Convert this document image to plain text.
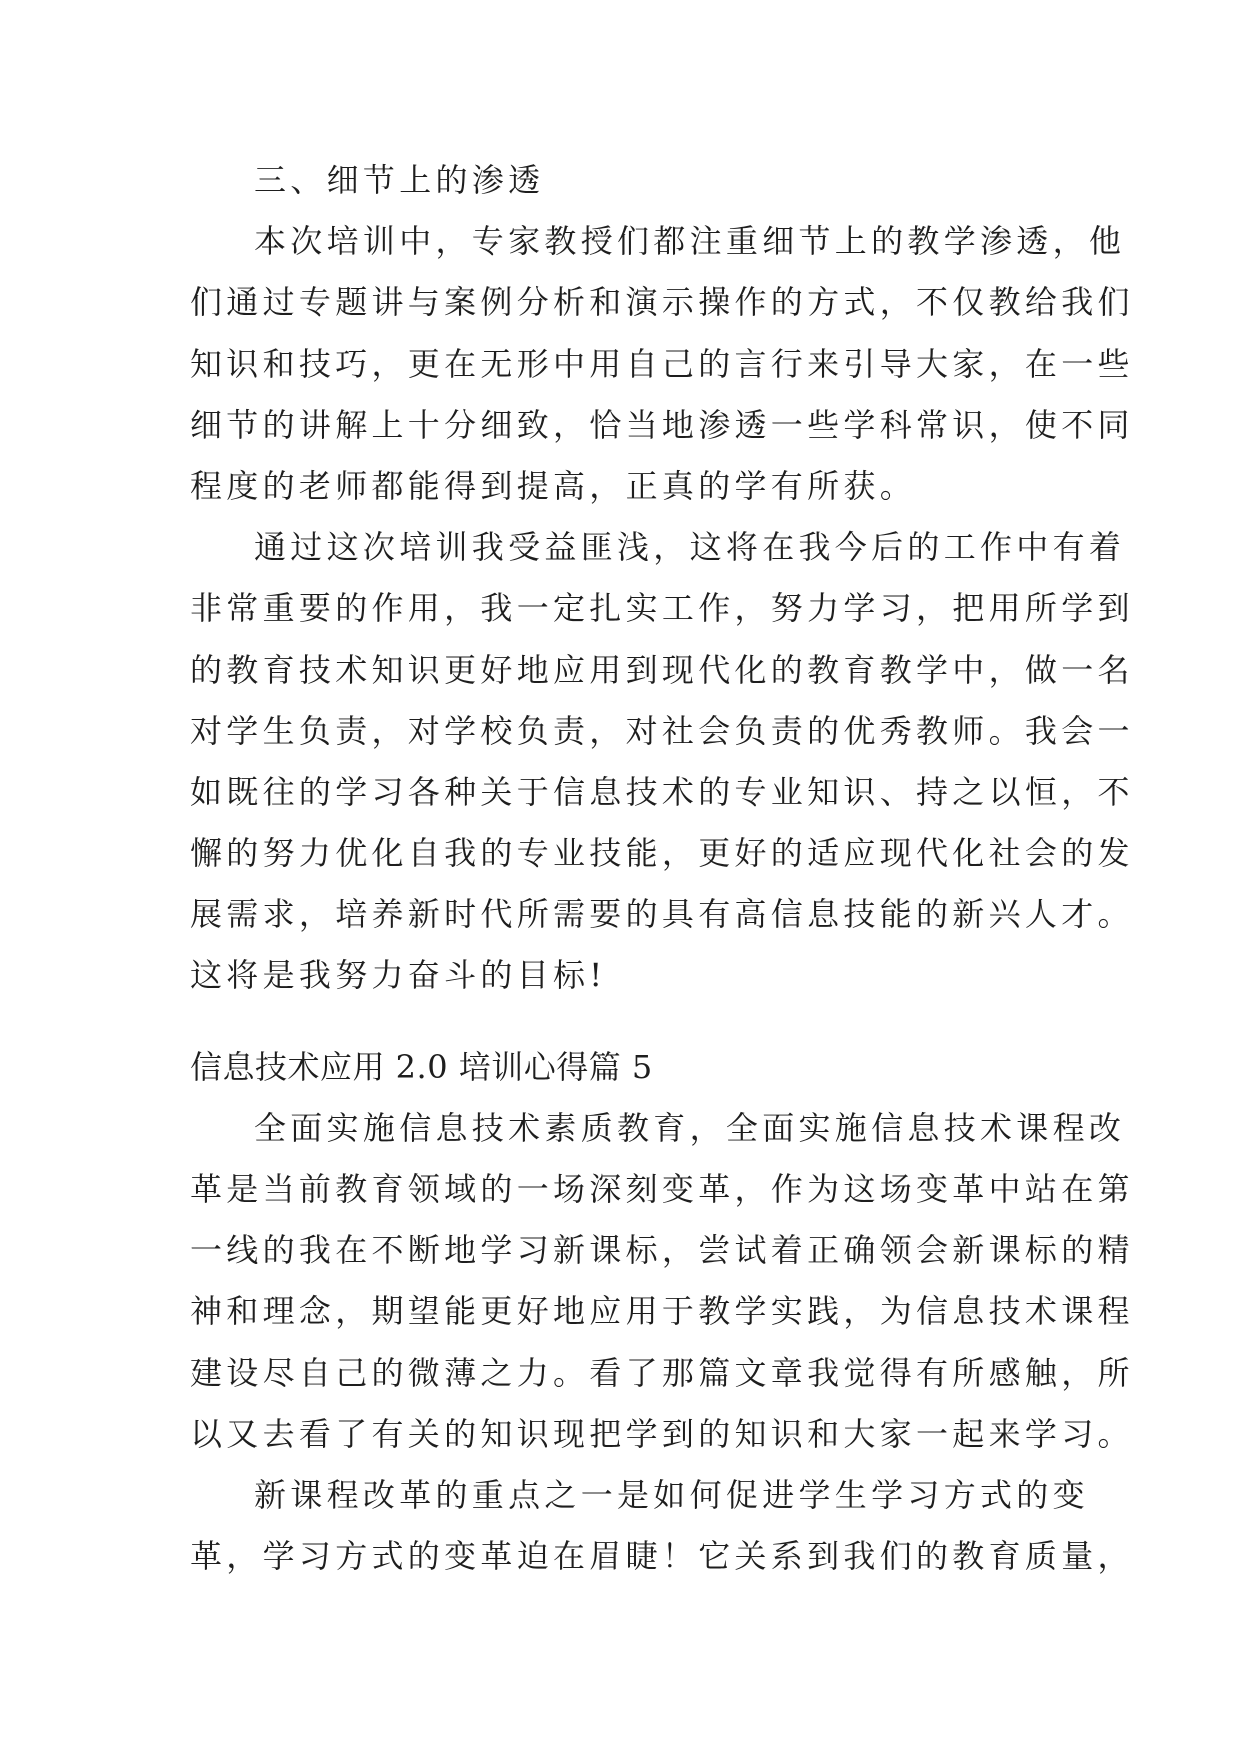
三、细节上的渗透

本次培训中，专家教授们都注重细节上的教学渗透，他

们通过专题讲与案例分析和演示操作的方式，不仅教给我们

知识和技巧，更在无形中用自己的言行来引导大家，在一些

细节的讲解上十分细致，恰当地渗透一些学科常识，使不同

程度的老师都能得到提高，正真的学有所获。

通过这次培训我受益匪浅，这将在我今后的工作中有着

非常重要的作用，我一定扎实工作，努力学习，把用所学到

的教育技术知识更好地应用到现代化的教育教学中，做一名

对学生负责，对学校负责，对社会负责的优秀教师。我会一

如既往的学习各种关于信息技术的专业知识、持之以恒，不

懈的努力优化自我的专业技能，更好的适应现代化社会的发

展需求，培养新时代所需要的具有高信息技能的新兴人才。

这将是我努力奋斗的目标!

信息技术应用 2.0 培训心得篇 5

全面实施信息技术素质教育，全面实施信息技术课程改

革是当前教育领域的一场深刻变革，作为这场变革中站在第

一线的我在不断地学习新课标，尝试着正确领会新课标的精

神和理念，期望能更好地应用于教学实践，为信息技术课程

建设尽自己的微薄之力。看了那篇文章我觉得有所感触，所

以又去看了有关的知识现把学到的知识和大家一起来学习。

新课程改革的重点之一是如何促进学生学习方式的变

革，学习方式的变革迫在眉睫！它关系到我们的教育质量，
